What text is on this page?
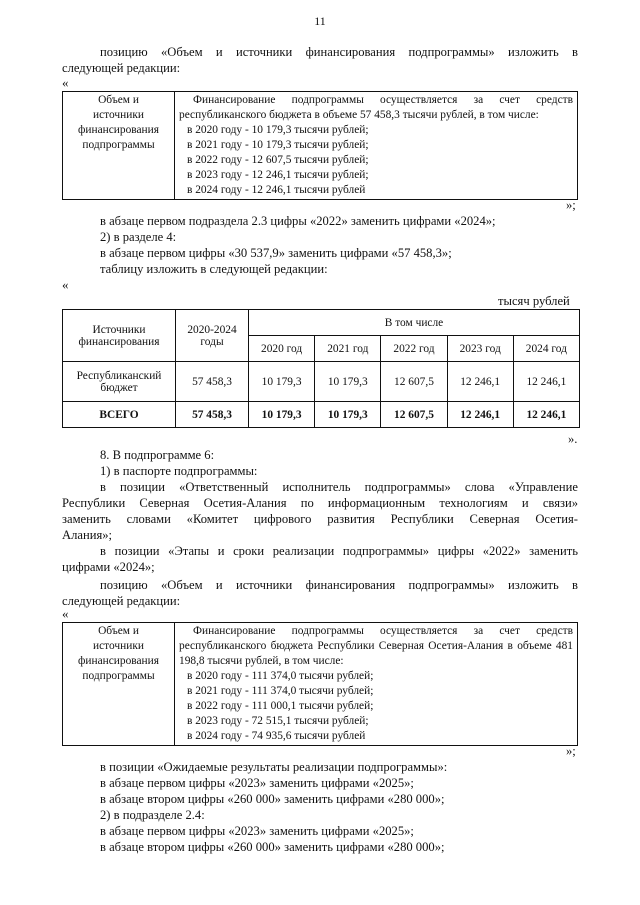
11
позицию «Объем и источники финансирования подпрограммы» изложить в
следующей редакции:
«
Объем и
источники
финансирования
подпрограммы

Финансирование подпрограммы осуществляется за счет средств республиканского бюджета в объеме 57 458,3 тысячи рублей, в том числе:
в 2020 году - 10 179,3 тысячи рублей;
в 2021 году - 10 179,3 тысячи рублей;
в 2022 году - 12 607,5 тысячи рублей;
в 2023 году - 12 246,1 тысячи рублей;
в 2024 году - 12 246,1 тысячи рублей
»;
в абзаце первом подраздела 2.3 цифры «2022» заменить цифрами «2024»;
2) в разделе 4:
в абзаце первом цифры «30 537,9» заменить цифрами «57 458,3»;
таблицу изложить в следующей редакции:
«
тысяч рублей
Источники финансирования	2020-2024 годы	В том числе				
		2020 год	2021 год	2022 год	2023 год	2024 год
Республиканский бюджет	57 458,3	10 179,3	10 179,3	12 607,5	12 246,1	12 246,1
ВСЕГО	57 458,3	10 179,3	10 179,3	12 607,5	12 246,1	12 246,1
».
8. В подпрограмме 6:
1) в паспорте подпрограммы:
в позиции «Ответственный исполнитель подпрограммы» слова «Управление
Республики Северная Осетия-Алания по информационным технологиям и связи»
заменить словами «Комитет цифрового развития Республики Северная Осетия-
Алания»;
в позиции «Этапы и сроки реализации подпрограммы» цифры «2022» заменить
цифрами «2024»;
позицию «Объем и источники финансирования подпрограммы» изложить в
следующей редакции:
«
Объем и
источники
финансирования
подпрограммы

Финансирование подпрограммы осуществляется за счет средств республиканского бюджета Республики Северная Осетия-Алания в объеме 481 198,8 тысячи рублей, в том числе:
в 2020 году - 111 374,0 тысячи рублей;
в 2021 году - 111 374,0 тысячи рублей;
в 2022 году - 111 000,1 тысячи рублей;
в 2023 году - 72 515,1 тысячи рублей;
в 2024 году - 74 935,6 тысячи рублей
»;
в позиции «Ожидаемые результаты реализации подпрограммы»:
в абзаце первом цифры «2023» заменить цифрами «2025»;
в абзаце втором цифры «260 000» заменить цифрами «280 000»;
2) в подразделе 2.4:
в абзаце первом цифры «2023» заменить цифрами «2025»;
в абзаце втором цифры «260 000» заменить цифрами «280 000»;
